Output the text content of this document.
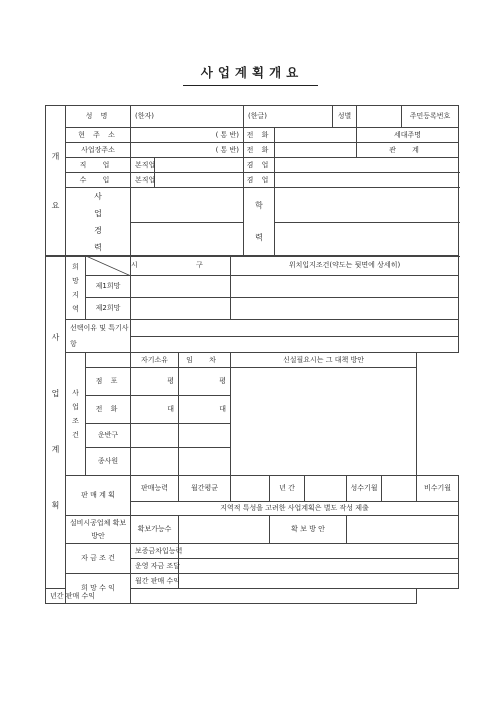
사업계획개요
개
요	성 명	(한자)		(한글)		성별		주민등록번호	
	현 주 소	( 통 반)		전 화			세대주명		
	사업장주소	( 통 반)		전 화			관 계		
	직 업	본직업		겸 업					
	수 입	본직업		겸 업					

	사업경력			학력					

사 업 계 획	희망지역		시 구		위치입지조건(약도는 뒷면에 상세히)					
		제1희망								
		제2희망								
	선택이유 및 특기사항									

	사업조건		자기소유	임 차	신설필요시는 그 대책 방안					
		점 포	평	평						
		전 화	대	대						
		운반구								
		종사원								
	판 매 계 획		판매능력	월간평균		년 간		성수기월		비수기월
			지역적 특성을 고려한 사업계획은 별도 작성 제출							
	설비시공업체 확보 방안		확보가능수			확 보 방 안				
	자 금 조 건		보증금차입능력							
			운영 자금 조달							
	희 망 수 익		월간 판매 수익							
년간 판매 수익										
